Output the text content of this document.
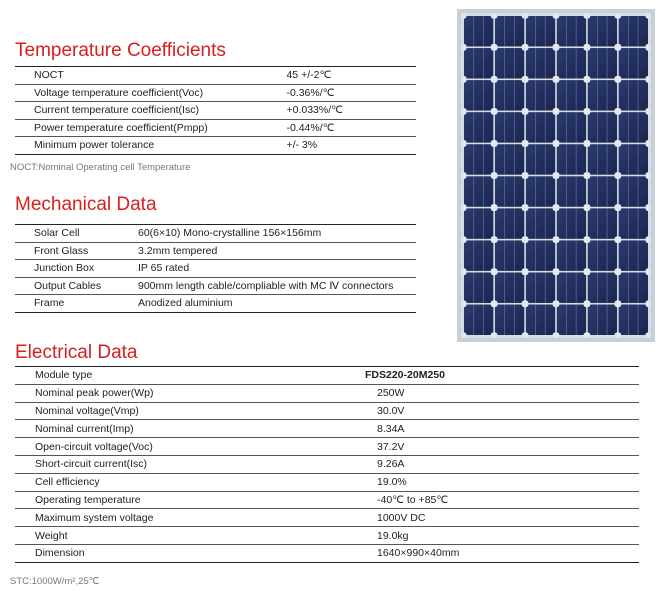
Temperature Coefficients
NOCT	45 +/-2℃
Voltage temperature coefficient(Voc)	-0.36%/℃
Current temperature coefficient(Isc)	+0.033%/℃
Power temperature coefficient(Pmpp)	-0.44%/℃
Minimum power tolerance	+/- 3%

NOCT:Nominal Operating cell Temperature

Mechanical Data
Solar Cell	60(6×10) Mono-crystalline 156×156mm
Front Glass	3.2mm tempered
Junction Box	IP 65 rated
Output Cables	900mm length cable/compliable with MC Ⅳ connectors
Frame	Anodized aluminium
Electrical Data
Module type	FDS220-20M250
Nominal peak power(Wp)	250W
Nominal voltage(Vmp)	30.0V
Nominal current(Imp)	8.34A
Open-circuit voltage(Voc)	37.2V
Short-circuit current(Isc)	9.26A
Cell efficiency	19.0%
Operating temperature	-40℃ to +85℃
Maximum system voltage	1000V DC
Weight	19.0kg
Dimension	1640×990×40mm

STC:1000W/m²,25℃
